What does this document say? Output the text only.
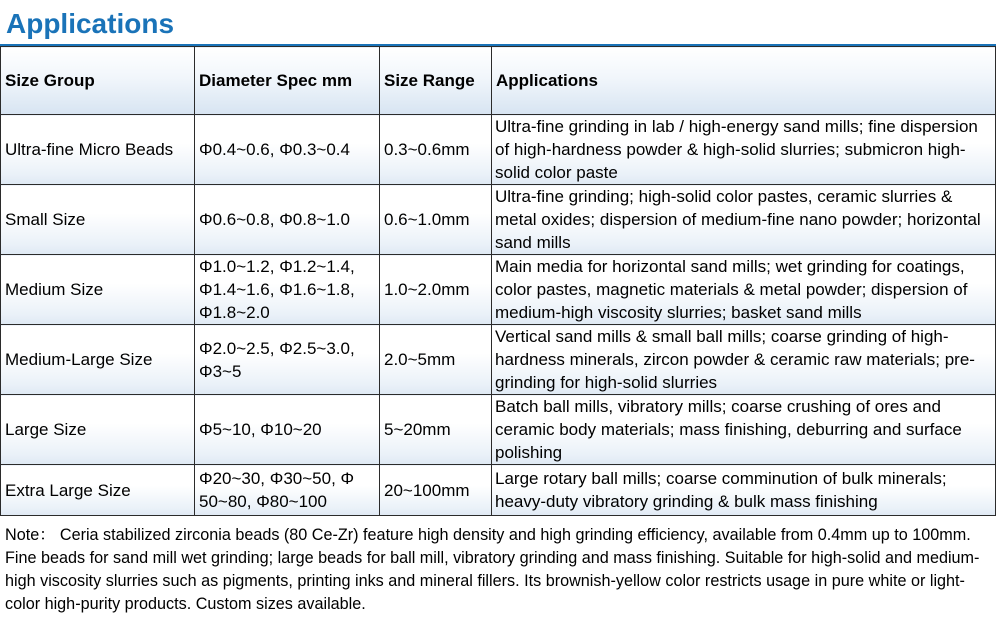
Applications
Size Group	Diameter Spec mm	Size Range	Applications
Ultra-fine Micro Beads	Φ0.4~0.6, Φ0.3~0.4	0.3~0.6mm	Ultra-fine grinding in lab / high-energy sand mills; fine dispersion of high-hardness powder & high-solid slurries; submicron high-solid color paste
Small Size	Φ0.6~0.8, Φ0.8~1.0	0.6~1.0mm	Ultra-fine grinding; high-solid color pastes, ceramic slurries & metal oxides; dispersion of medium-fine nano powder; horizontal sand mills
Medium Size	Φ1.0~1.2, Φ1.2~1.4, Φ1.4~1.6, Φ1.6~1.8, Φ1.8~2.0	1.0~2.0mm	Main media for horizontal sand mills; wet grinding for coatings, color pastes, magnetic materials & metal powder; dispersion of medium-high viscosity slurries; basket sand mills
Medium-Large Size	Φ2.0~2.5, Φ2.5~3.0, Φ3~5	2.0~5mm	Vertical sand mills & small ball mills; coarse grinding of high-hardness minerals, zircon powder & ceramic raw materials; pre-grinding for high-solid slurries
Large Size	Φ5~10, Φ10~20	5~20mm	Batch ball mills, vibratory mills; coarse crushing of ores and ceramic body materials; mass finishing, deburring and surface polishing
Extra Large Size	Φ20~30, Φ30~50, Φ 50~80, Φ80~100	20~100mm	Large rotary ball mills; coarse comminution of bulk minerals; heavy-duty vibratory grinding & bulk mass finishing
Note： Ceria stabilized zirconia beads (80 Ce-Zr) feature high density and high grinding efficiency, available from 0.4mm up to 100mm. Fine beads for sand mill wet grinding; large beads for ball mill, vibratory grinding and mass finishing. Suitable for high-solid and medium-high viscosity slurries such as pigments, printing inks and mineral fillers. Its brownish-yellow color restricts usage in pure white or light-color high-purity products. Custom sizes available.
